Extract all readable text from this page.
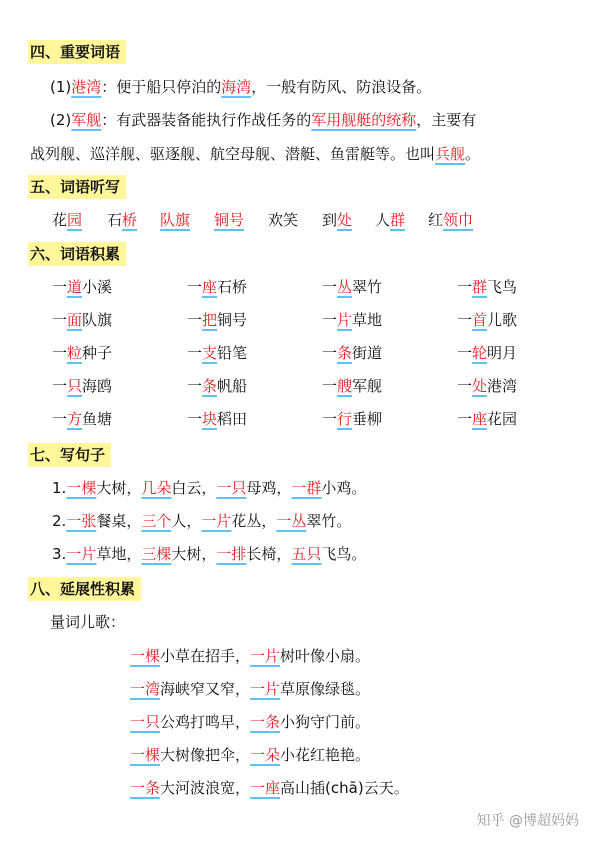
四、重要词语
(1)港湾：便于船只停泊的海湾，一般有防风、防浪设备。
(2)军舰：有武器装备能执行作战任务的军用舰艇的统称，主要有
战列舰、巡洋舰、驱逐舰、航空母舰、潜艇、鱼雷艇等。也叫兵舰。
五、词语听写
花园 石桥 队旗 铜号 欢笑 到处 人群 红领巾
六、词语积累
一道小溪	一座石桥	一丛翠竹	一群飞鸟
一面队旗	一把铜号	一片草地	一首儿歌
一粒种子	一支铅笔	一条街道	一轮明月
一只海鸥	一条帆船	一艘军舰	一处港湾
一方鱼塘	一块稻田	一行垂柳	一座花园
七、写句子
1.一棵大树，几朵白云，一只母鸡，一群小鸡。
2.一张餐桌，三个人，一片花丛，一丛翠竹。
3.一片草地，三棵大树，一排长椅，五只飞鸟。
八、延展性积累
量词儿歌：
一棵小草在招手，一片树叶像小扇。
一湾海峡窄又窄，一片草原像绿毯。
一只公鸡打鸣早，一条小狗守门前。
一棵大树像把伞，一朵小花红艳艳。
一条大河波浪宽，一座高山插(chā)云天。
知乎 @博超妈妈
